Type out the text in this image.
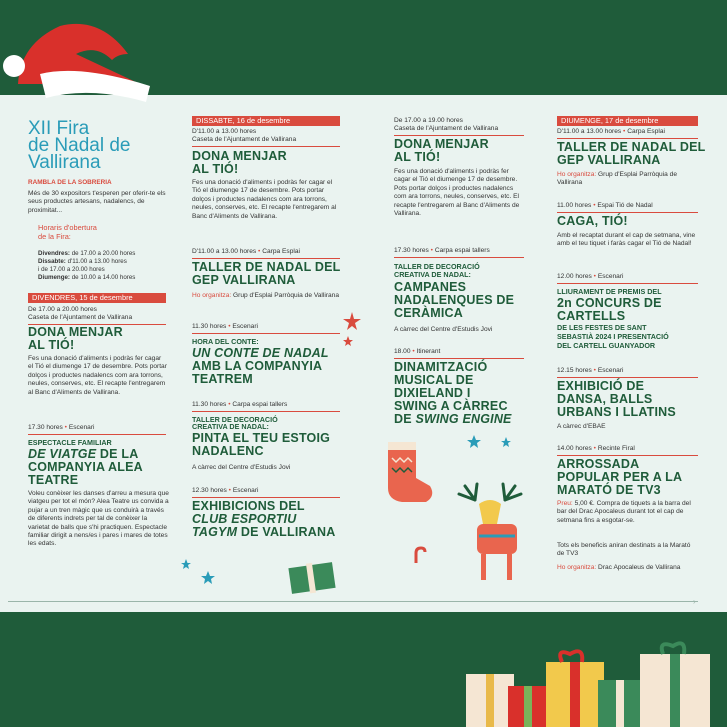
XII Fira
de Nadal de
Vallirana
RAMBLA DE LA SOBRERIA

Més de 30 expositors t'esperen per oferir-te els seus productes artesans, nadalencs, de proximitat...

Horaris d'obertura
de la Fira:
Divendres: de 17.00 a 20.00 hores
Dissabte: d'11.00 a 13.00 hores
i de 17.00 a 20.00 hores
Diumenge: de 10.00 a 14.00 hores
DIVENDRES, 15 de desembre
De 17.00 a 20.00 hores
Caseta de l'Ajuntament de Vallirana
DONA MENJAR
AL TIÓ!

Fes una donació d'aliments i podràs fer cagar el Tió el diumenge 17 de desembre. Pots portar dolços i productes nadalencs com ara torrons, neules, conserves, etc. El recapte l'entregarem al Banc d'Aliments de Vallirana.

17.30 hores • Escenari
ESPECTACLE FAMILIAR
DE VIATGE DE LA
COMPANYIA ALEA
TEATRE

Voleu conèixer les danses d'arreu a mesura que viatgeu per tot el món? Alea Teatre us convida a pujar a un tren màgic que us conduirà a través de diferents indrets per tal de conèixer la varietat de balls que s'hi practiquen. Espectacle familiar dirigit a nens/es i pares i mares de totes les edats.

DISSABTE, 16 de desembre
D'11.00 a 13.00 hores
Caseta de l'Ajuntament de Vallirana
DONA MENJAR
AL TIÓ!

Fes una donació d'aliments i podràs fer cagar el Tió el diumenge 17 de desembre. Pots portar dolços i productes nadalencs com ara torrons, neules, conserves, etc. El recapte l'entregarem al Banc d'Aliments de Vallirana.

D'11.00 a 13.00 hores • Carpa Esplai
TALLER DE NADAL DEL
GEP VALLIRANA

Ho organitza: Grup d'Esplai Parròquia de Vallirana

11.30 hores • Escenari
HORA DEL CONTE:
UN CONTE DE NADAL
AMB LA COMPANYIA
TEATREM
11.30 hores • Carpa espai tallers
TALLER DE DECORACIÓ
CREATIVA DE NADAL:
PINTA EL TEU ESTOIG
NADALENC
A càrrec del Centre d'Estudis Jovi
12.30 hores • Escenari
EXHIBICIONS DEL
CLUB ESPORTIU
TAGYM DE VALLIRANA
De 17.00 a 19.00 hores
Caseta de l'Ajuntament de Vallirana
DONA MENJAR
AL TIÓ!

Fes una donació d'aliments i podràs fer cagar el Tió el diumenge 17 de desembre. Pots portar dolços i productes nadalencs com ara torrons, neules, conserves, etc. El recapte l'entregarem al Banc d'Aliments de Vallirana.

17.30 hores • Carpa espai tallers
TALLER DE DECORACIÓ
CREATIVA DE NADAL:
CAMPANES
NADALENQUES DE
CERÀMICA
A càrrec del Centre d'Estudis Jovi
18.00 • Itinerant
DINAMITZACIÓ
MUSICAL DE
DIXIELAND I
SWING A CÀRREC
DE SWING ENGINE
DIUMENGE, 17 de desembre
D'11.00 a 13.00 hores • Carpa Esplai
TALLER DE NADAL DEL
GEP VALLIRANA

Ho organitza: Grup d'Esplai Parròquia de Vallirana

11.00 hores • Espai Tió de Nadal
CAGA, TIÓ!

Amb el recaptat durant el cap de setmana, vine amb el teu tiquet i faràs cagar el Tió de Nadal!

12.00 hores • Escenari
LLIURAMENT DE PREMIS DEL
2n CONCURS DE
CARTELLS
DE LES FESTES DE SANT
SEBASTIÀ 2024 I PRESENTACIÓ
DEL CARTELL GUANYADOR
12.15 hores • Escenari
EXHIBICIÓ DE
DANSA, BALLS
URBANS I LLATINS
A càrrec d'EBAE
14.00 hores • Recinte Firal
ARROSSADA
POPULAR PER A LA
MARATÓ DE TV3

Preu: 5,00 €. Compra de tiquets a la barra del bar del Drac Apocaleus durant tot el cap de setmana fins a esgotar-se.

Tots els beneficis aniran destinats a la Marató de TV3

Ho organitza: Drac Apocaleus de Vallirana

›
